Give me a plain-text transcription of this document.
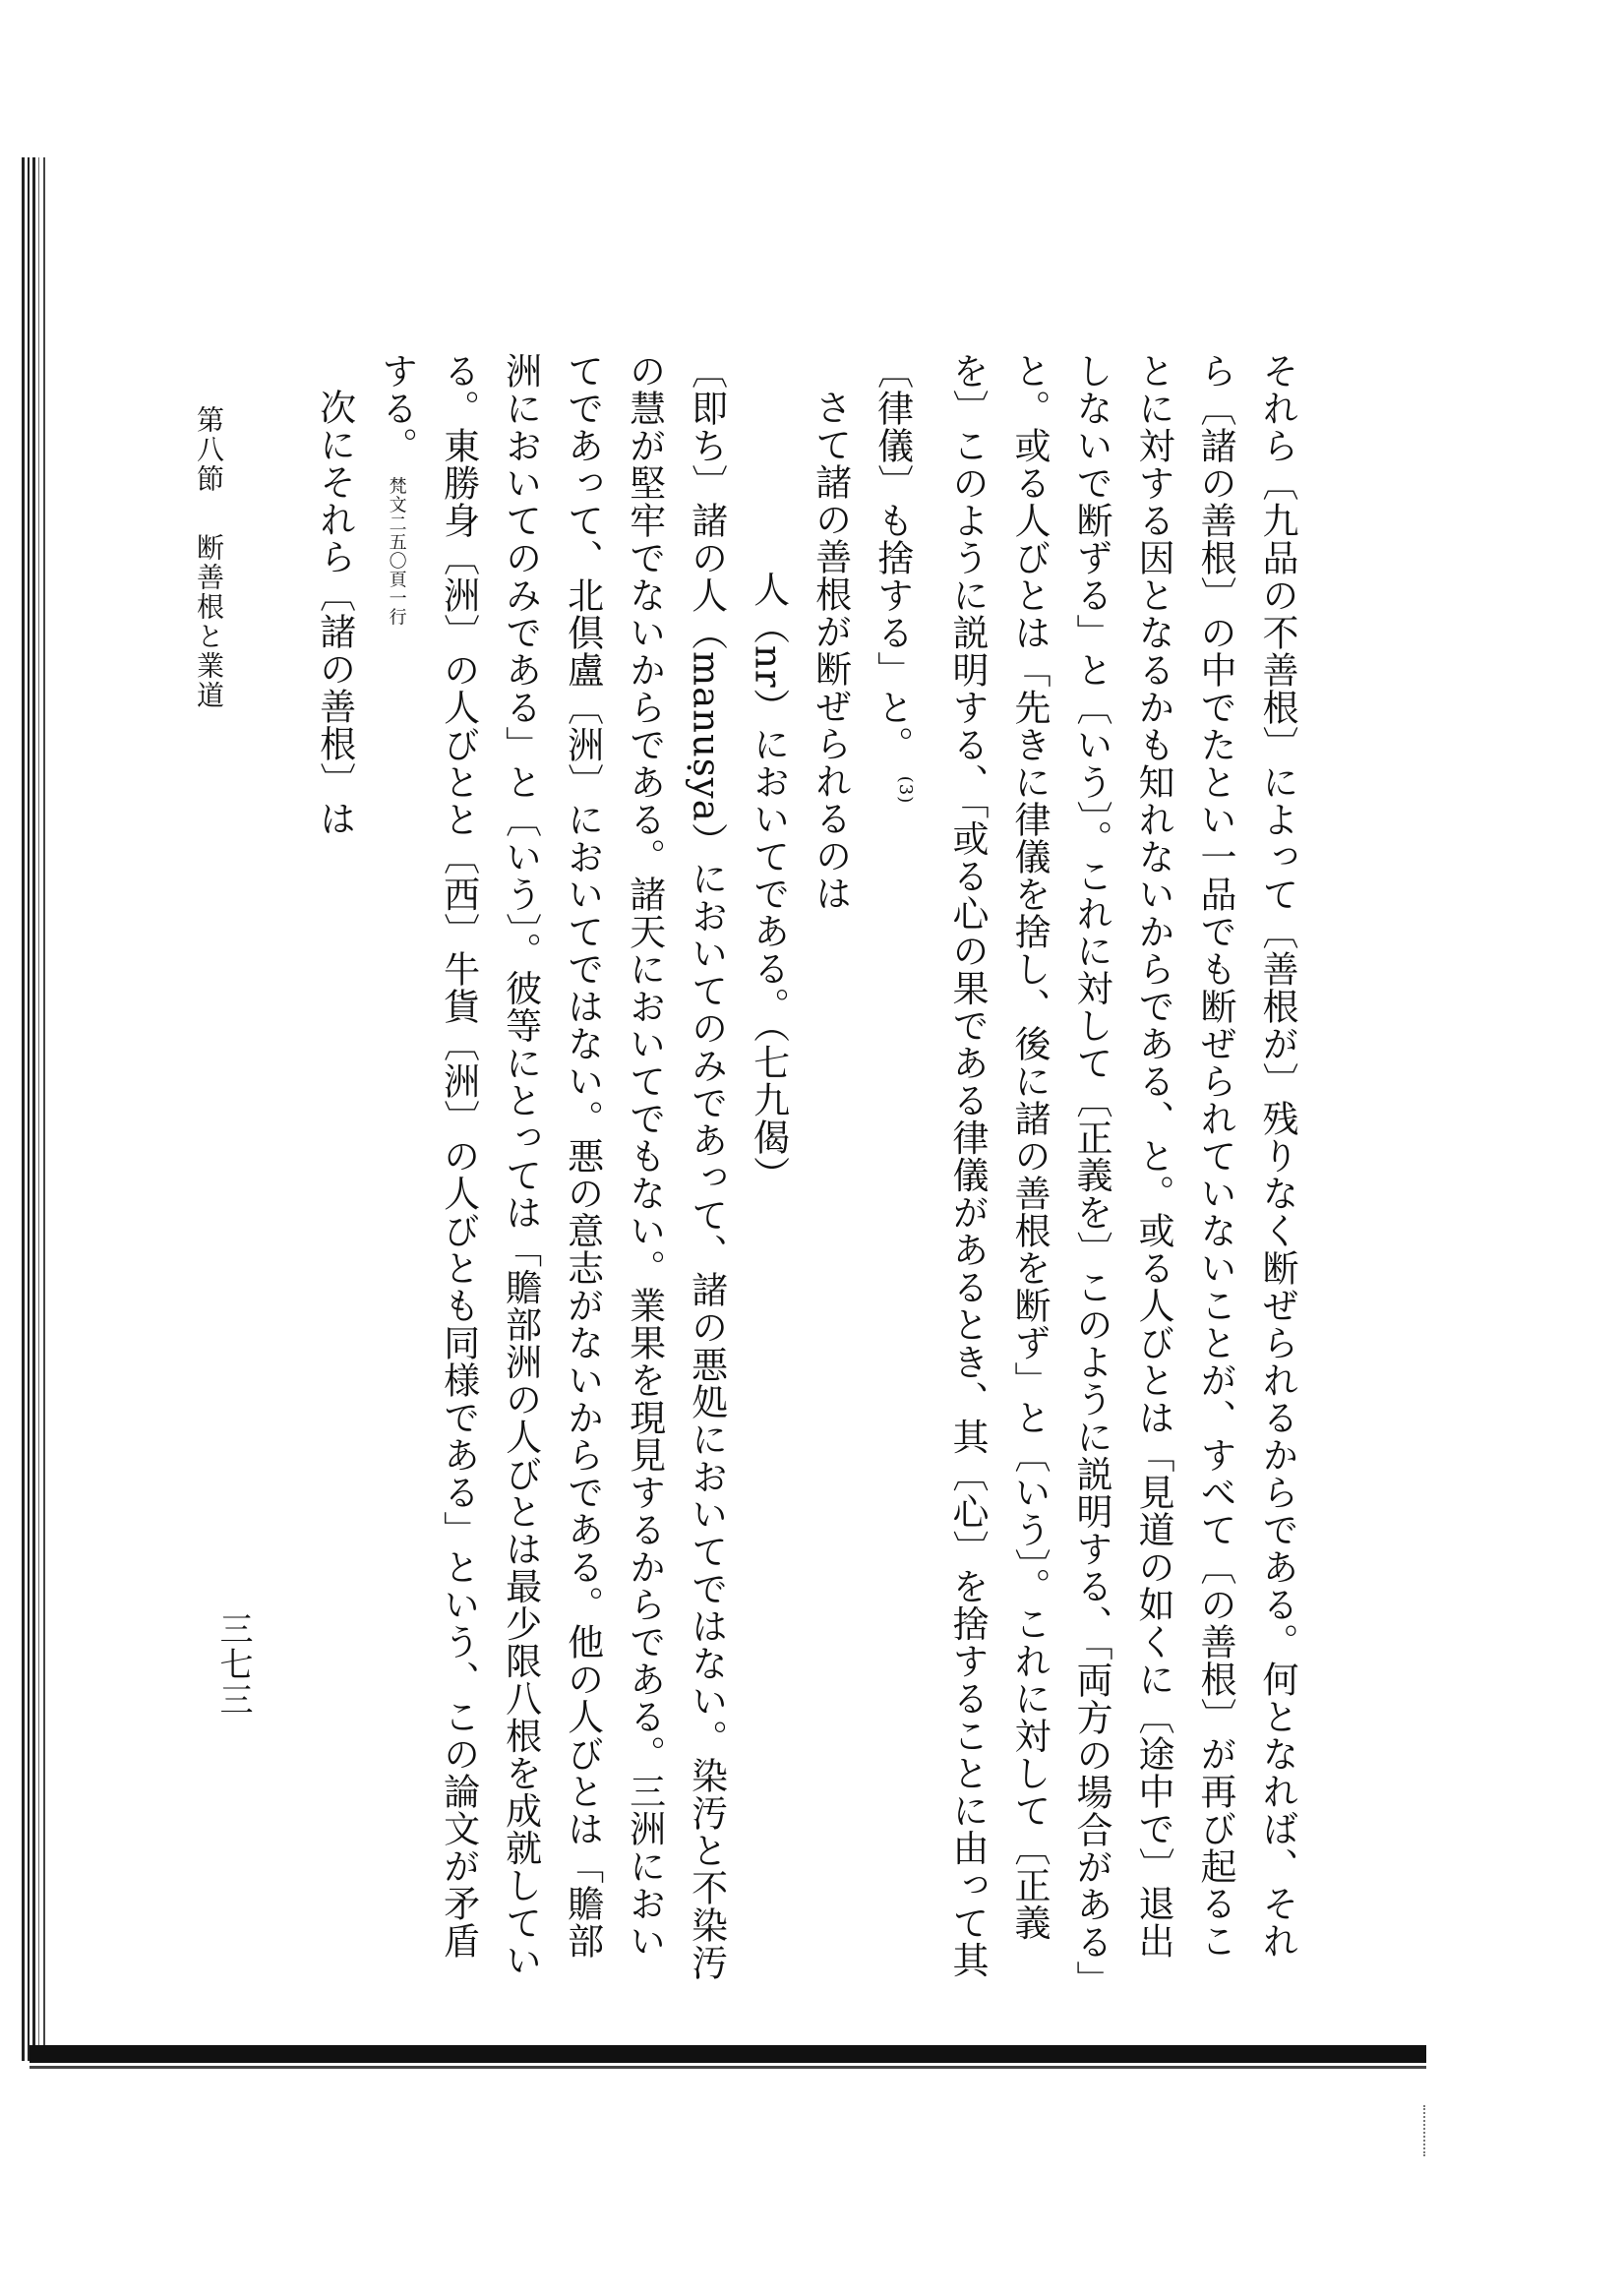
それら〔九品の不善根〕によって〔善根が〕残りなく断ぜられるからである。何となれば、それら〔諸の善根〕の中でたとい一品でも断ぜられていないことが、すべて〔の善根〕が再び起ることに対する因となるかも知れないからである、と。或る人びとは「見道の如くに〔途中で〕退出しないで断ずる」と〔いう〕。これに対して〔正義を〕このように説明する、「両方の場合がある」と。或る人びとは「先きに律儀を捨し、後に諸の善根を断ず」と〔いう〕。これに対して〔正義を〕このように説明する、「或る心の果である律儀があるとき、其〔心〕を捨することに由って其〔律儀〕も捨する」と。 $^{(3)}$

さて諸の善根が断ぜられるのは

人（nr）においてである。（七九偈）

〔即ち〕諸の人（manuṣya）においてのみであって、諸の悪処においてではない。染汚と不染汚の慧が堅牢でないからである。諸天においてでもない。業果を現見するからである。三洲においてであって、北倶盧〔洲〕においてではない。悪の意志がないからである。他の人びとは「贍部洲においてのみである」と〔いう〕。彼等にとっては「贍部洲の人びとは最少限八根を成就している。東勝身〔洲〕の人びとと〔西〕牛貨〔洲〕の人びとも同様である」という、この論文が矛盾する。 梵文二五〇頁一行

次にそれら〔諸の善根〕は

第八節断善根と業道
三七三
